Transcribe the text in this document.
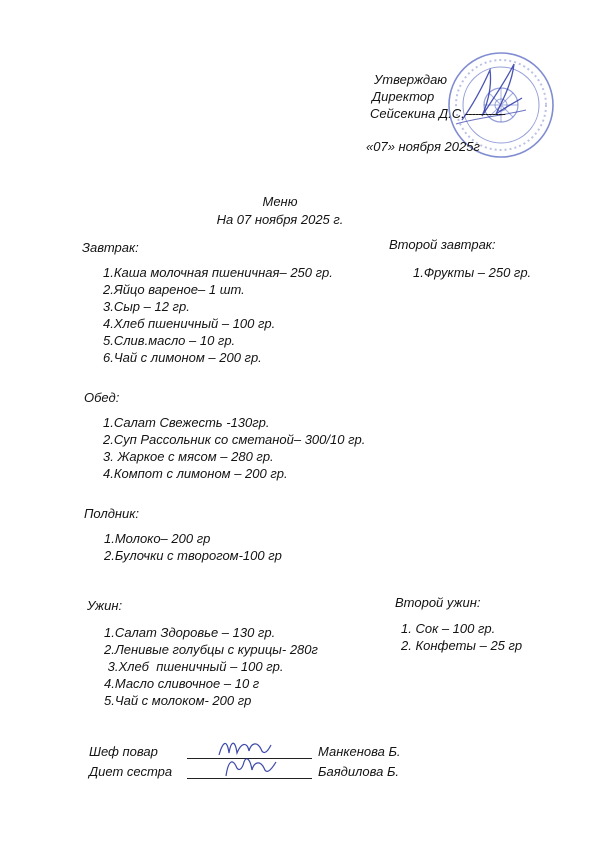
Утверждаю
Директор
Сейсекина Д.С.------------
«07» ноября 2025г
Меню
На 07 ноября 2025 г.
Завтрак:
1.Каша молочная пшеничная– 250 гр.
2.Яйцо вареное– 1 шт.
3.Сыр – 12 гр.
4.Хлеб пшеничный – 100 гр.
5.Слив.масло – 10 гр.
6.Чай с лимоном – 200 гр.
Второй завтрак:
1.Фрукты – 250 гр.
Обед:
1.Салат Свежесть -130гр.
2.Суп Рассольник со сметаной– 300/10 гр.
3. Жаркое с мясом – 280 гр.
4.Компот с лимоном – 200 гр.
Полдник:
1.Молоко– 200 гр
2.Булочки с творогом-100 гр
Ужин:
1.Салат Здоровье – 130 гр.
2.Ленивые голубцы с курицы- 280г
3.Хлеб  пшеничный – 100 гр.
4.Масло сливочное – 10 г
5.Чай с молоком- 200 гр
Второй ужин:
1. Сок – 100 гр.
2. Конфеты – 25 гр
Шеф повар	Манкенова Б.
Диет сестра	Баядилова Б.
